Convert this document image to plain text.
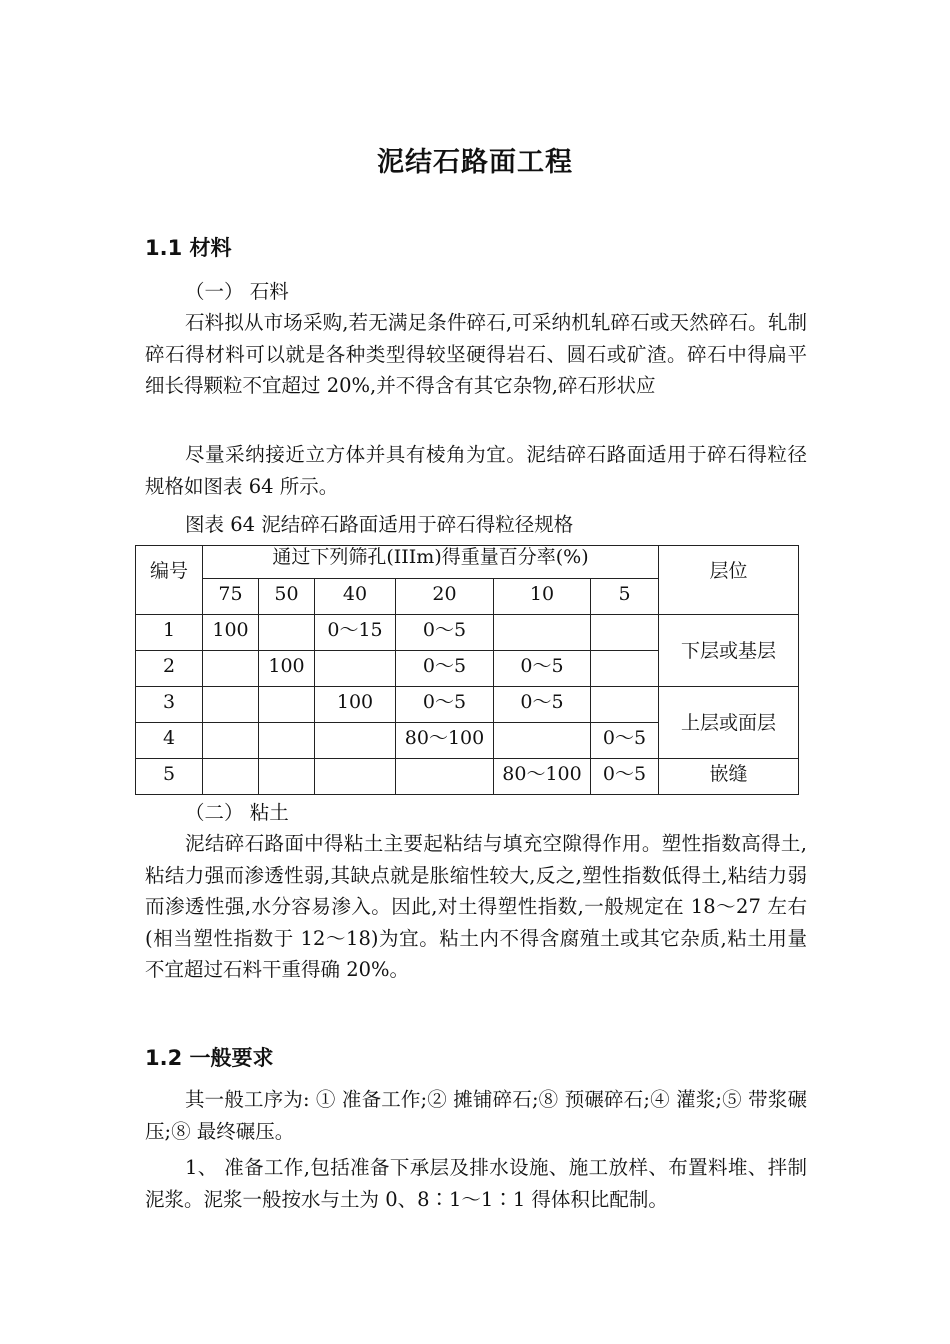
泥结石路面工程
1.1 材料
（一） 石料
石料拟从市场采购,若无满足条件碎石,可采纳机轧碎石或天然碎石。轧制碎石得材料可以就是各种类型得较坚硬得岩石、圆石或矿渣。碎石中得扁平细长得颗粒不宜超过 20%,并不得含有其它杂物,碎石形状应
尽量采纳接近立方体并具有棱角为宜。泥结碎石路面适用于碎石得粒径规格如图表 64 所示。
图表 64 泥结碎石路面适用于碎石得粒径规格
编号	通过下列筛孔(IIIm)得重量百分率(%)						层位
	75	50	40	20	10	5	
1	100		0～15	0～5			下层或基层
2		100		0～5	0～5		
3			100	0～5	0～5		上层或面层
4				80～100		0～5	
5					80～100	0～5	嵌缝
（二） 粘土
泥结碎石路面中得粘土主要起粘结与填充空隙得作用。塑性指数高得土,粘结力强而渗透性弱,其缺点就是胀缩性较大,反之,塑性指数低得土,粘结力弱而渗透性强,水分容易渗入。因此,对土得塑性指数,一般规定在 18～27 左右(相当塑性指数于 12～18)为宜。粘土内不得含腐殖土或其它杂质,粘土用量不宜超过石料干重得确 20%。
1.2 一般要求
其一般工序为: ① 准备工作;② 摊铺碎石;⑧ 预碾碎石;④ 灌浆;⑤ 带浆碾压;⑧ 最终碾压。
1、 准备工作,包括准备下承层及排水设施、施工放样、布置料堆、拌制泥浆。泥浆一般按水与土为 0、8∶1～1∶1 得体积比配制。
